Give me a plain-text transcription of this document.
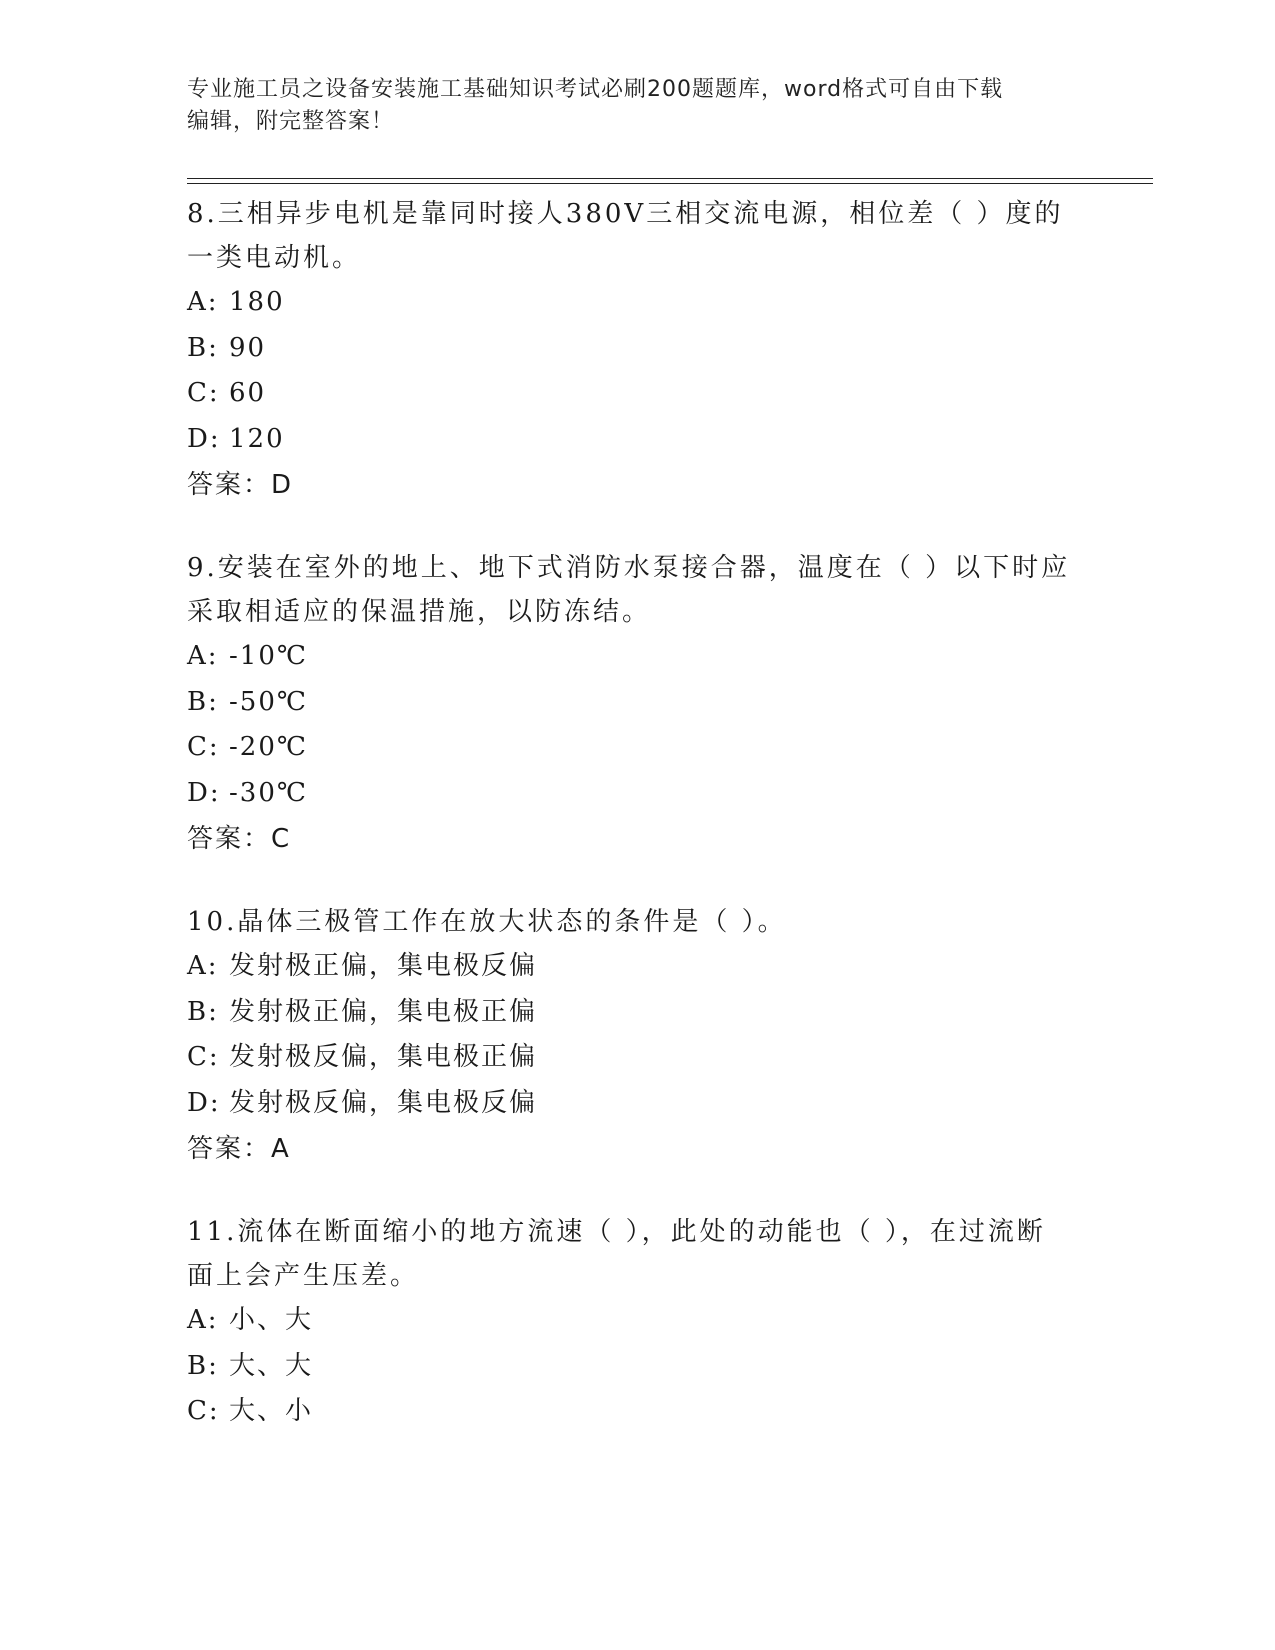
专业施工员之设备安装施工基础知识考试必刷200题题库，word格式可自由下载
编辑，附完整答案！
8.三相异步电机是靠同时接人380V三相交流电源，相位差（ ）度的
一类电动机。
A: 180
B: 90
C: 60
D: 120
答案：D
9.安装在室外的地上、地下式消防水泵接合器，温度在（ ）以下时应
采取相适应的保温措施，以防冻结。
A: -10℃
B: -50℃
C: -20℃
D: -30℃
答案：C
10.晶体三极管工作在放大状态的条件是（ ）。
A: 发射极正偏，集电极反偏
B: 发射极正偏，集电极正偏
C: 发射极反偏，集电极正偏
D: 发射极反偏，集电极反偏
答案：A
11.流体在断面缩小的地方流速（ ），此处的动能也（ ），在过流断
面上会产生压差。
A: 小、大
B: 大、大
C: 大、小
